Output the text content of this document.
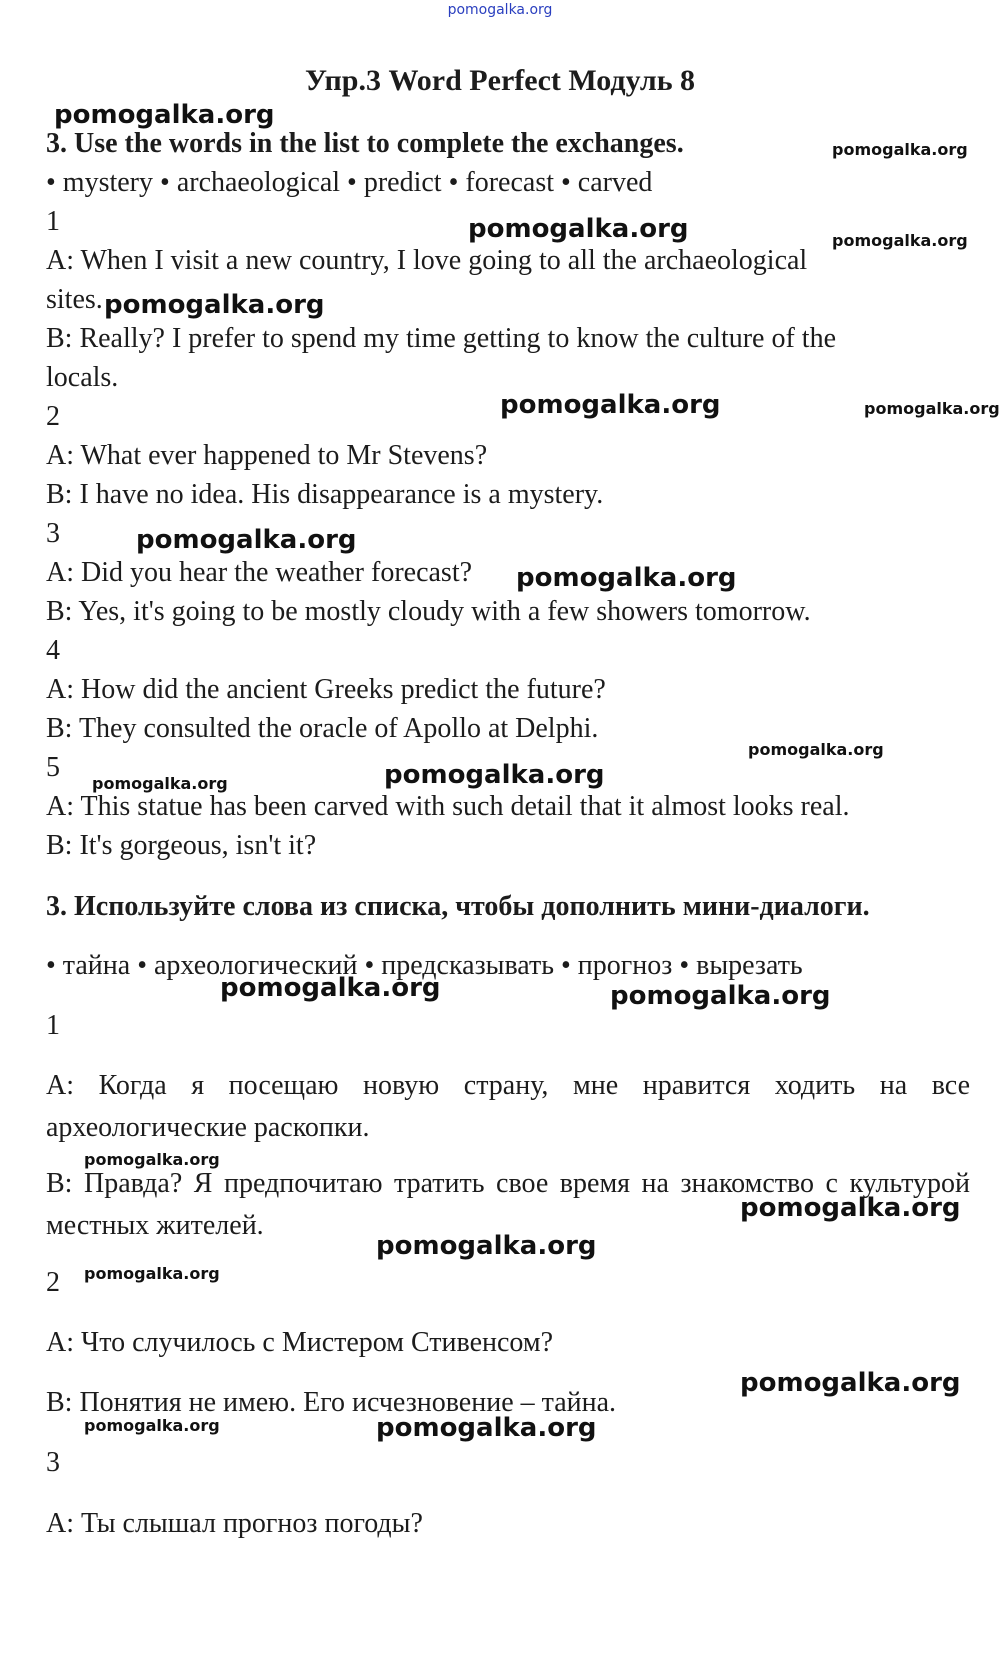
pomogalka.org
Упр.3 Word Perfect Модуль 8
3. Use the words in the list to complete the exchanges.
• mystery • archaeological • predict • forecast • carved
1
A: When I visit a new country, I love going to all the archaeological
sites.
B: Really? I prefer to spend my time getting to know the culture of the
locals.
2
A: What ever happened to Mr Stevens?
B: I have no idea. His disappearance is a mystery.
3
A: Did you hear the weather forecast?
B: Yes, it's going to be mostly cloudy with a few showers tomorrow.
4
A: How did the ancient Greeks predict the future?
B: They consulted the oracle of Apollo at Delphi.
5
A: This statue has been carved with such detail that it almost looks real.
B: It's gorgeous, isn't it?
3. Используйте слова из списка, чтобы дополнить мини-диалоги.
• тайна • археологический • предсказывать • прогноз • вырезать
1
A: Когда я посещаю новую страну, мне нравится ходить на все археологические раскопки.
B: Правда? Я предпочитаю тратить свое время на знакомство с культурой местных жителей.
2
A: Что случилось с Мистером Стивенсом?
B: Понятия не имею. Его исчезновение – тайна.
3
A: Ты слышал прогноз погоды?
pomogalka.org
pomogalka.org
pomogalka.org	pomogalka.org
pomogalka.org
pomogalka.org	pomogalka.org
pomogalka.org
pomogalka.org
pomogalka.org
pomogalka.org	pomogalka.org
pomogalka.org	pomogalka.org
pomogalka.org
pomogalka.org
pomogalka.org
pomogalka.org
pomogalka.org
pomogalka.org	pomogalka.org
